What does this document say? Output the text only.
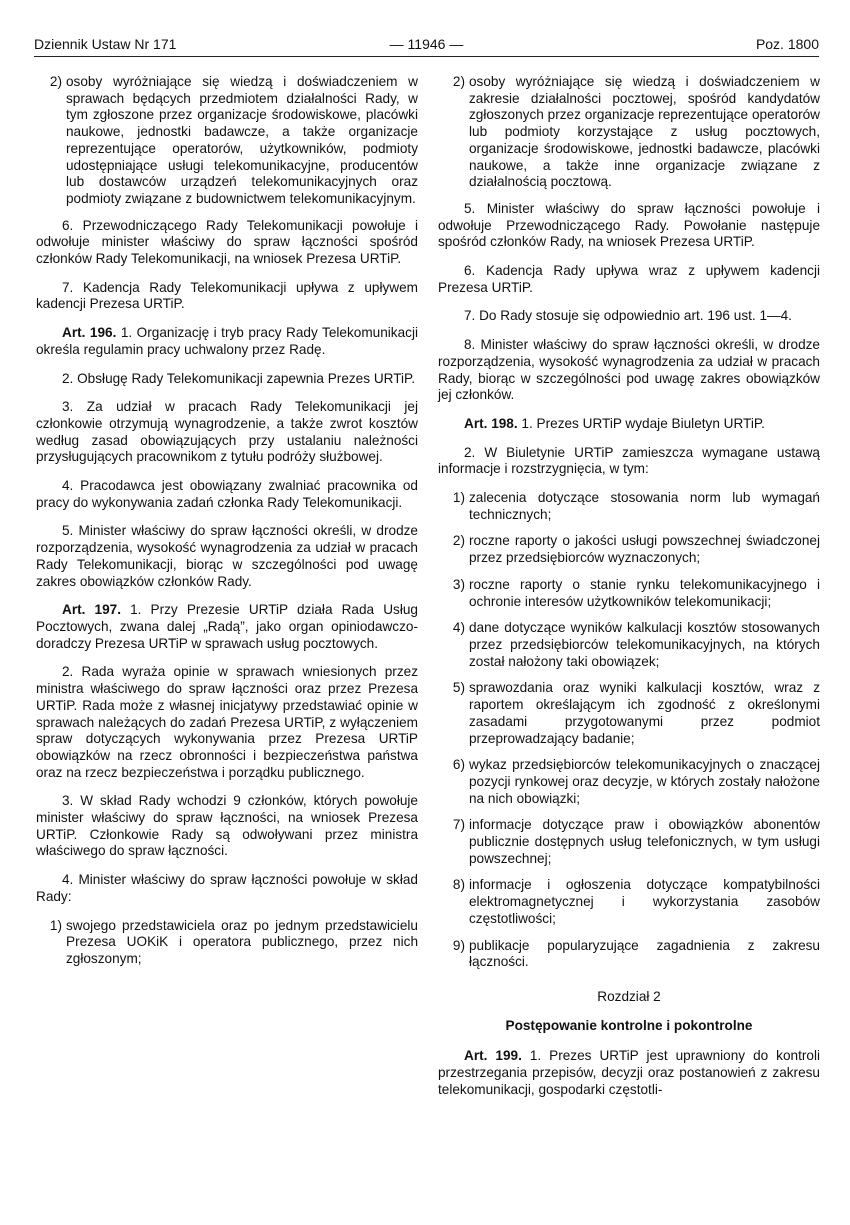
Dziennik Ustaw Nr 171	— 11946 —	Poz. 1800
2) osoby wyróżniające się wiedzą i doświadczeniem w sprawach będących przedmiotem działalności Rady, w tym zgłoszone przez organizacje środowiskowe, placówki naukowe, jednostki badawcze, a także organizacje reprezentujące operatorów, użytkowników, podmioty udostępniające usługi telekomunikacyjne, producentów lub dostawców urządzeń telekomunikacyjnych oraz podmioty związane z budownictwem telekomunikacyjnym.

6. Przewodniczącego Rady Telekomunikacji powołuje i odwołuje minister właściwy do spraw łączności spośród członków Rady Telekomunikacji, na wniosek Prezesa URTiP.

7. Kadencja Rady Telekomunikacji upływa z upływem kadencji Prezesa URTiP.

Art. 196. 1. Organizację i tryb pracy Rady Telekomunikacji określa regulamin pracy uchwalony przez Radę.

2. Obsługę Rady Telekomunikacji zapewnia Prezes URTiP.

3. Za udział w pracach Rady Telekomunikacji jej członkowie otrzymują wynagrodzenie, a także zwrot kosztów według zasad obowiązujących przy ustalaniu należności przysługujących pracownikom z tytułu podróży służbowej.

4. Pracodawca jest obowiązany zwalniać pracownika od pracy do wykonywania zadań członka Rady Telekomunikacji.

5. Minister właściwy do spraw łączności określi, w drodze rozporządzenia, wysokość wynagrodzenia za udział w pracach Rady Telekomunikacji, biorąc w szczególności pod uwagę zakres obowiązków członków Rady.

Art. 197. 1. Przy Prezesie URTiP działa Rada Usług Pocztowych, zwana dalej „Radą”, jako organ opiniodawczo-doradczy Prezesa URTiP w sprawach usług pocztowych.

2. Rada wyraża opinie w sprawach wniesionych przez ministra właściwego do spraw łączności oraz przez Prezesa URTiP. Rada może z własnej inicjatywy przedstawiać opinie w sprawach należących do zadań Prezesa URTiP, z wyłączeniem spraw dotyczących wykonywania przez Prezesa URTiP obowiązków na rzecz obronności i bezpieczeństwa państwa oraz na rzecz bezpieczeństwa i porządku publicznego.

3. W skład Rady wchodzi 9 członków, których powołuje minister właściwy do spraw łączności, na wniosek Prezesa URTiP. Członkowie Rady są odwoływani przez ministra właściwego do spraw łączności.

4. Minister właściwy do spraw łączności powołuje w skład Rady:

1) swojego przedstawiciela oraz po jednym przedstawicielu Prezesa UOKiK i operatora publicznego, przez nich zgłoszonym;
2) osoby wyróżniające się wiedzą i doświadczeniem w zakresie działalności pocztowej, spośród kandydatów zgłoszonych przez organizacje reprezentujące operatorów lub podmioty korzystające z usług pocztowych, organizacje środowiskowe, jednostki badawcze, placówki naukowe, a także inne organizacje związane z działalnością pocztową.

5. Minister właściwy do spraw łączności powołuje i odwołuje Przewodniczącego Rady. Powołanie następuje spośród członków Rady, na wniosek Prezesa URTiP.

6. Kadencja Rady upływa wraz z upływem kadencji Prezesa URTiP.

7. Do Rady stosuje się odpowiednio art. 196 ust. 1—4.

8. Minister właściwy do spraw łączności określi, w drodze rozporządzenia, wysokość wynagrodzenia za udział w pracach Rady, biorąc w szczególności pod uwagę zakres obowiązków jej członków.

Art. 198. 1. Prezes URTiP wydaje Biuletyn URTiP.

2. W Biuletynie URTiP zamieszcza wymagane ustawą informacje i rozstrzygnięcia, w tym:

1) zalecenia dotyczące stosowania norm lub wymagań technicznych;
2) roczne raporty o jakości usługi powszechnej świadczonej przez przedsiębiorców wyznaczonych;
3) roczne raporty o stanie rynku telekomunikacyjnego i ochronie interesów użytkowników telekomunikacji;
4) dane dotyczące wyników kalkulacji kosztów stosowanych przez przedsiębiorców telekomunikacyjnych, na których został nałożony taki obowiązek;
5) sprawozdania oraz wyniki kalkulacji kosztów, wraz z raportem określającym ich zgodność z określonymi zasadami przygotowanymi przez podmiot przeprowadzający badanie;
6) wykaz przedsiębiorców telekomunikacyjnych o znaczącej pozycji rynkowej oraz decyzje, w których zostały nałożone na nich obowiązki;
7) informacje dotyczące praw i obowiązków abonentów publicznie dostępnych usług telefonicznych, w tym usługi powszechnej;
8) informacje i ogłoszenia dotyczące kompatybilności elektromagnetycznej i wykorzystania zasobów częstotliwości;
9) publikacje popularyzujące zagadnienia z zakresu łączności.
Rozdział 2
Postępowanie kontrolne i pokontrolne

Art. 199. 1. Prezes URTiP jest uprawniony do kontroli przestrzegania przepisów, decyzji oraz postanowień z zakresu telekomunikacji, gospodarki częstotli-
